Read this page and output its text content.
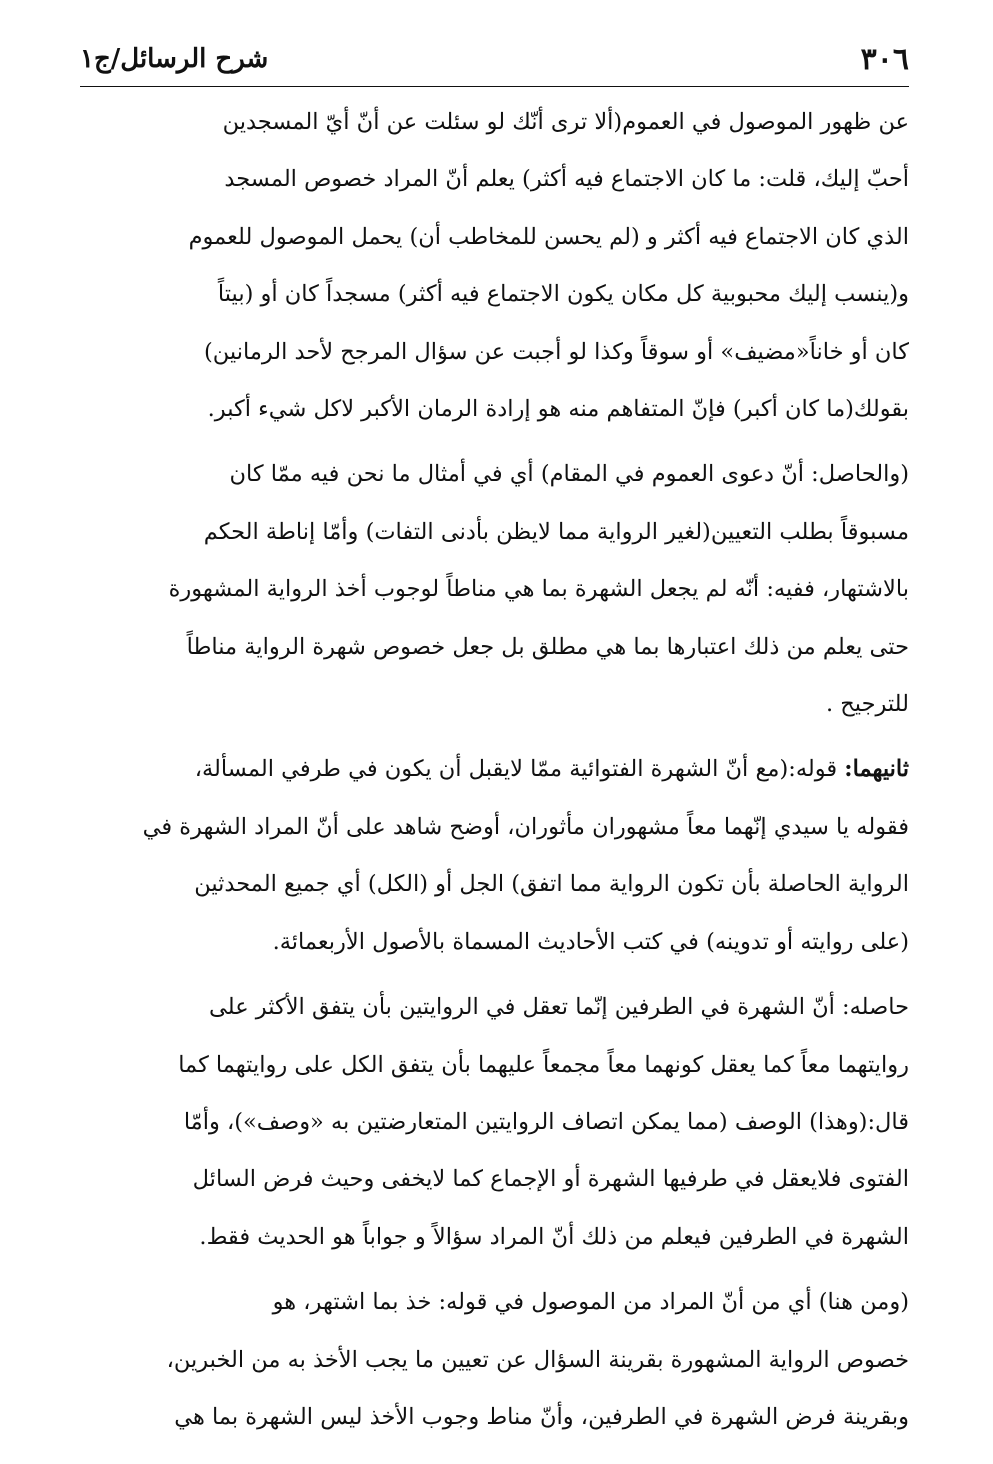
٣٠٦
شرح الرسائل/ج١

عن ظهور الموصول في العموم(ألا ترى أنّك لو سئلت عن أنّ أيّ المسجدين
أحبّ إليك، قلت: ما كان الاجتماع فيه أكثر) يعلم أنّ المراد خصوص المسجد
الذي كان الاجتماع فيه أكثر و (لم يحسن للمخاطب أن) يحمل الموصول للعموم
و(ينسب إليك محبوبية كل مكان يكون الاجتماع فيه أكثر) مسجداً كان أو (بيتاً
كان أو خاناً«مضيف» أو سوقاً وكذا لو أجبت عن سؤال المرجح لأحد الرمانين)
بقولك(ما كان أكبر) فإنّ المتفاهم منه هو إرادة الرمان الأكبر لاكل شيء أكبر.

(والحاصل: أنّ دعوى العموم في المقام) أي في أمثال ما نحن فيه ممّا كان
مسبوقاً بطلب التعيين(لغير الرواية مما لايظن بأدنى التفات) وأمّا إناطة الحكم
بالاشتهار، ففيه: أنّه لم يجعل الشهرة بما هي مناطاً لوجوب أخذ الرواية المشهورة
حتى يعلم من ذلك اعتبارها بما هي مطلق بل جعل خصوص شهرة الرواية مناطاً
للترجيح .

ثانيهما: قوله:(مع أنّ الشهرة الفتوائية ممّا لايقبل أن يكون في طرفي المسألة،
فقوله يا سيدي إنّهما معاً مشهوران مأثوران، أوضح شاهد على أنّ المراد الشهرة في
الرواية الحاصلة بأن تكون الرواية مما اتفق) الجل أو (الكل) أي جميع المحدثين
(على روايته أو تدوينه) في كتب الأحاديث المسماة بالأصول الأربعمائة.

حاصله: أنّ الشهرة في الطرفين إنّما تعقل في الروايتين بأن يتفق الأكثر على
روايتهما معاً كما يعقل كونهما معاً مجمعاً عليهما بأن يتفق الكل على روايتهما كما
قال:(وهذا) الوصف (مما يمكن اتصاف الروايتين المتعارضتين به «وصف»)، وأمّا
الفتوى فلايعقل في طرفيها الشهرة أو الإجماع كما لايخفى وحيث فرض السائل
الشهرة في الطرفين فيعلم من ذلك أنّ المراد سؤالاً و جواباً هو الحديث فقط.

(ومن هنا) أي من أنّ المراد من الموصول في قوله: خذ بما اشتهر، هو
خصوص الرواية المشهورة بقرينة السؤال عن تعيين ما يجب الأخذ به من الخبرين،
وبقرينة فرض الشهرة في الطرفين، وأنّ مناط وجوب الأخذ ليس الشهرة بما هي
